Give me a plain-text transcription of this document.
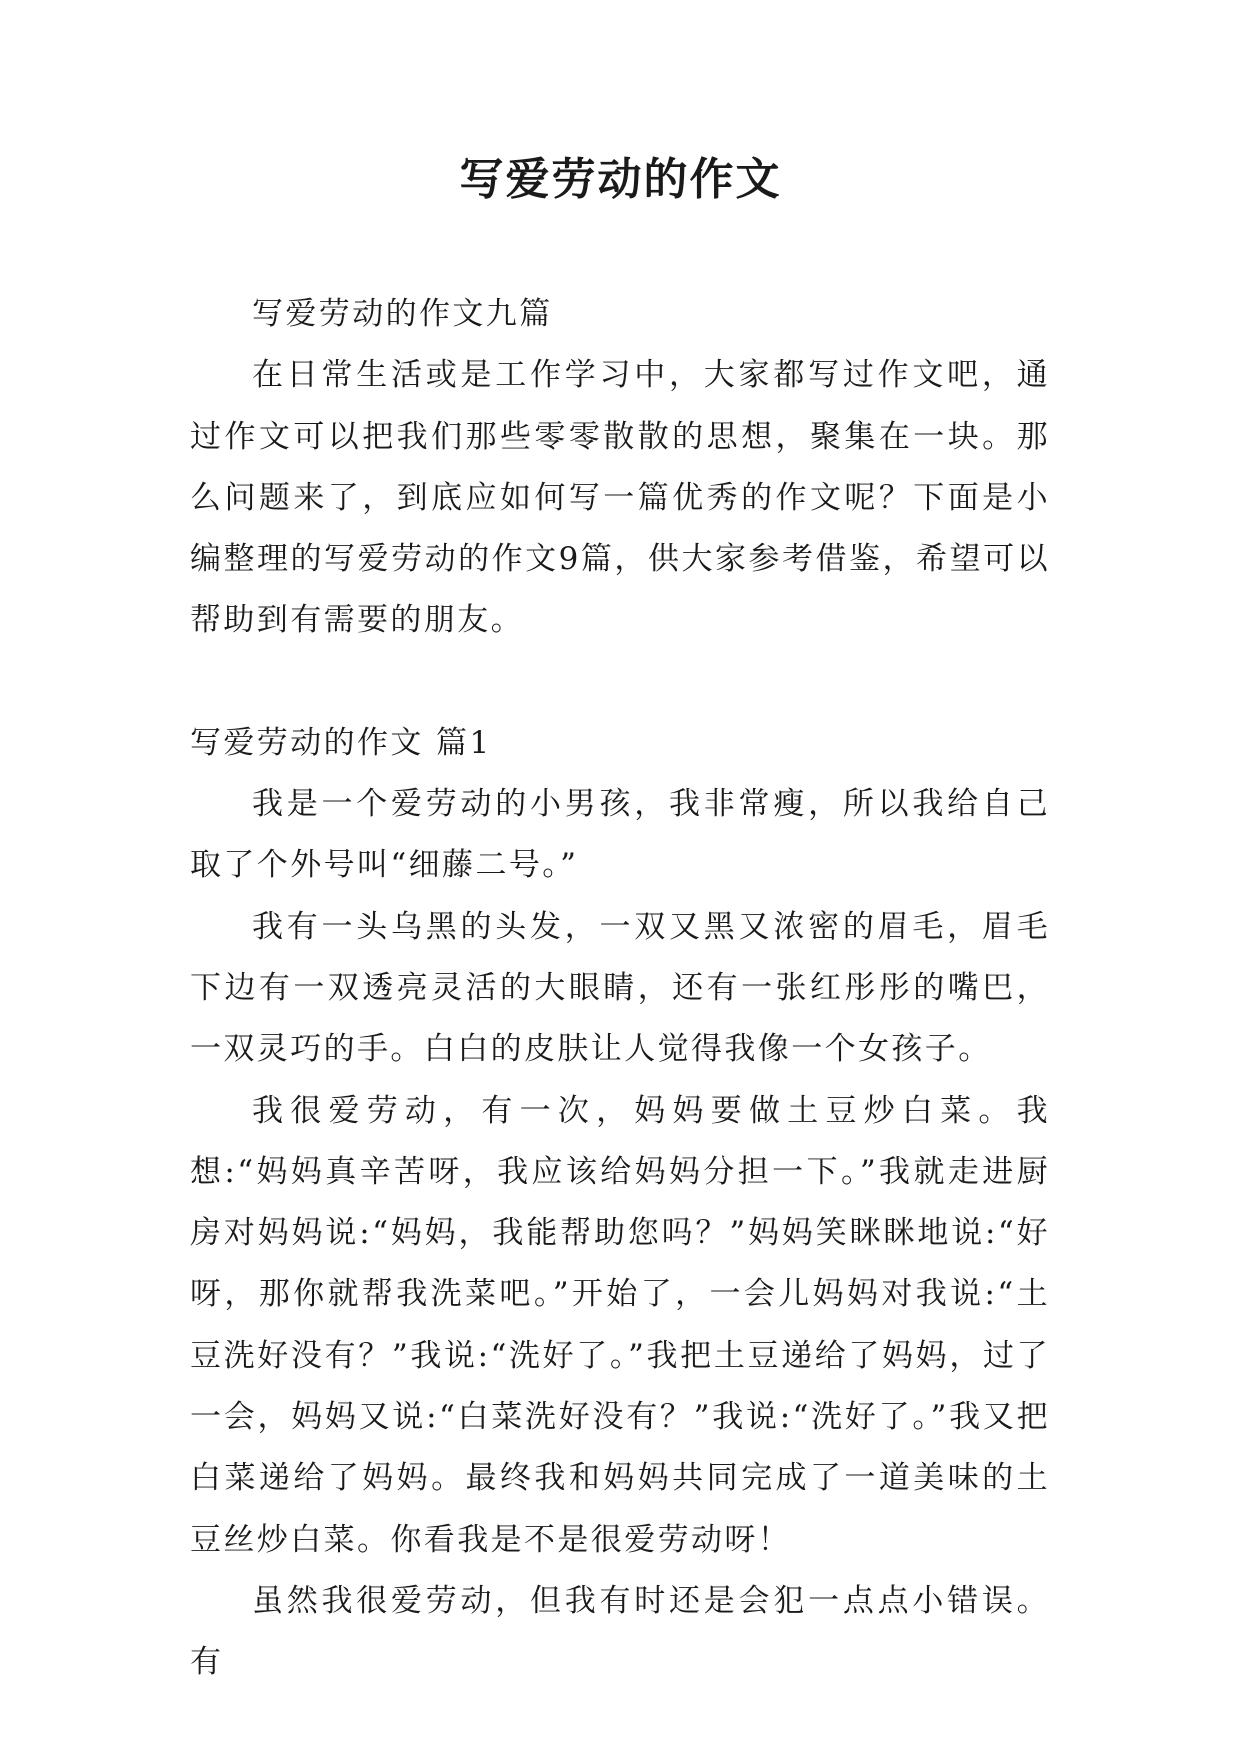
写爱劳动的作文

写爱劳动的作文九篇

在日常生活或是工作学习中，大家都写过作文吧，通过作文可以把我们那些零零散散的思想，聚集在一块。那么问题来了，到底应如何写一篇优秀的作文呢？下面是小编整理的写爱劳动的作文9篇，供大家参考借鉴，希望可以帮助到有需要的朋友。

写爱劳动的作文 篇1

我是一个爱劳动的小男孩，我非常瘦，所以我给自己取了个外号叫“细藤二号。”

我有一头乌黑的头发，一双又黑又浓密的眉毛，眉毛下边有一双透亮灵活的大眼睛，还有一张红彤彤的嘴巴，一双灵巧的手。白白的皮肤让人觉得我像一个女孩子。

我很爱劳动，有一次，妈妈要做土豆炒白菜。我想:“妈妈真辛苦呀，我应该给妈妈分担一下。”我就走进厨房对妈妈说:“妈妈，我能帮助您吗？”妈妈笑眯眯地说:“好呀，那你就帮我洗菜吧。”开始了，一会儿妈妈对我说:“土豆洗好没有？”我说:“洗好了。”我把土豆递给了妈妈，过了一会，妈妈又说:“白菜洗好没有？”我说:“洗好了。”我又把白菜递给了妈妈。最终我和妈妈共同完成了一道美味的土豆丝炒白菜。你看我是不是很爱劳动呀！

虽然我很爱劳动，但我有时还是会犯一点点小错误。有
